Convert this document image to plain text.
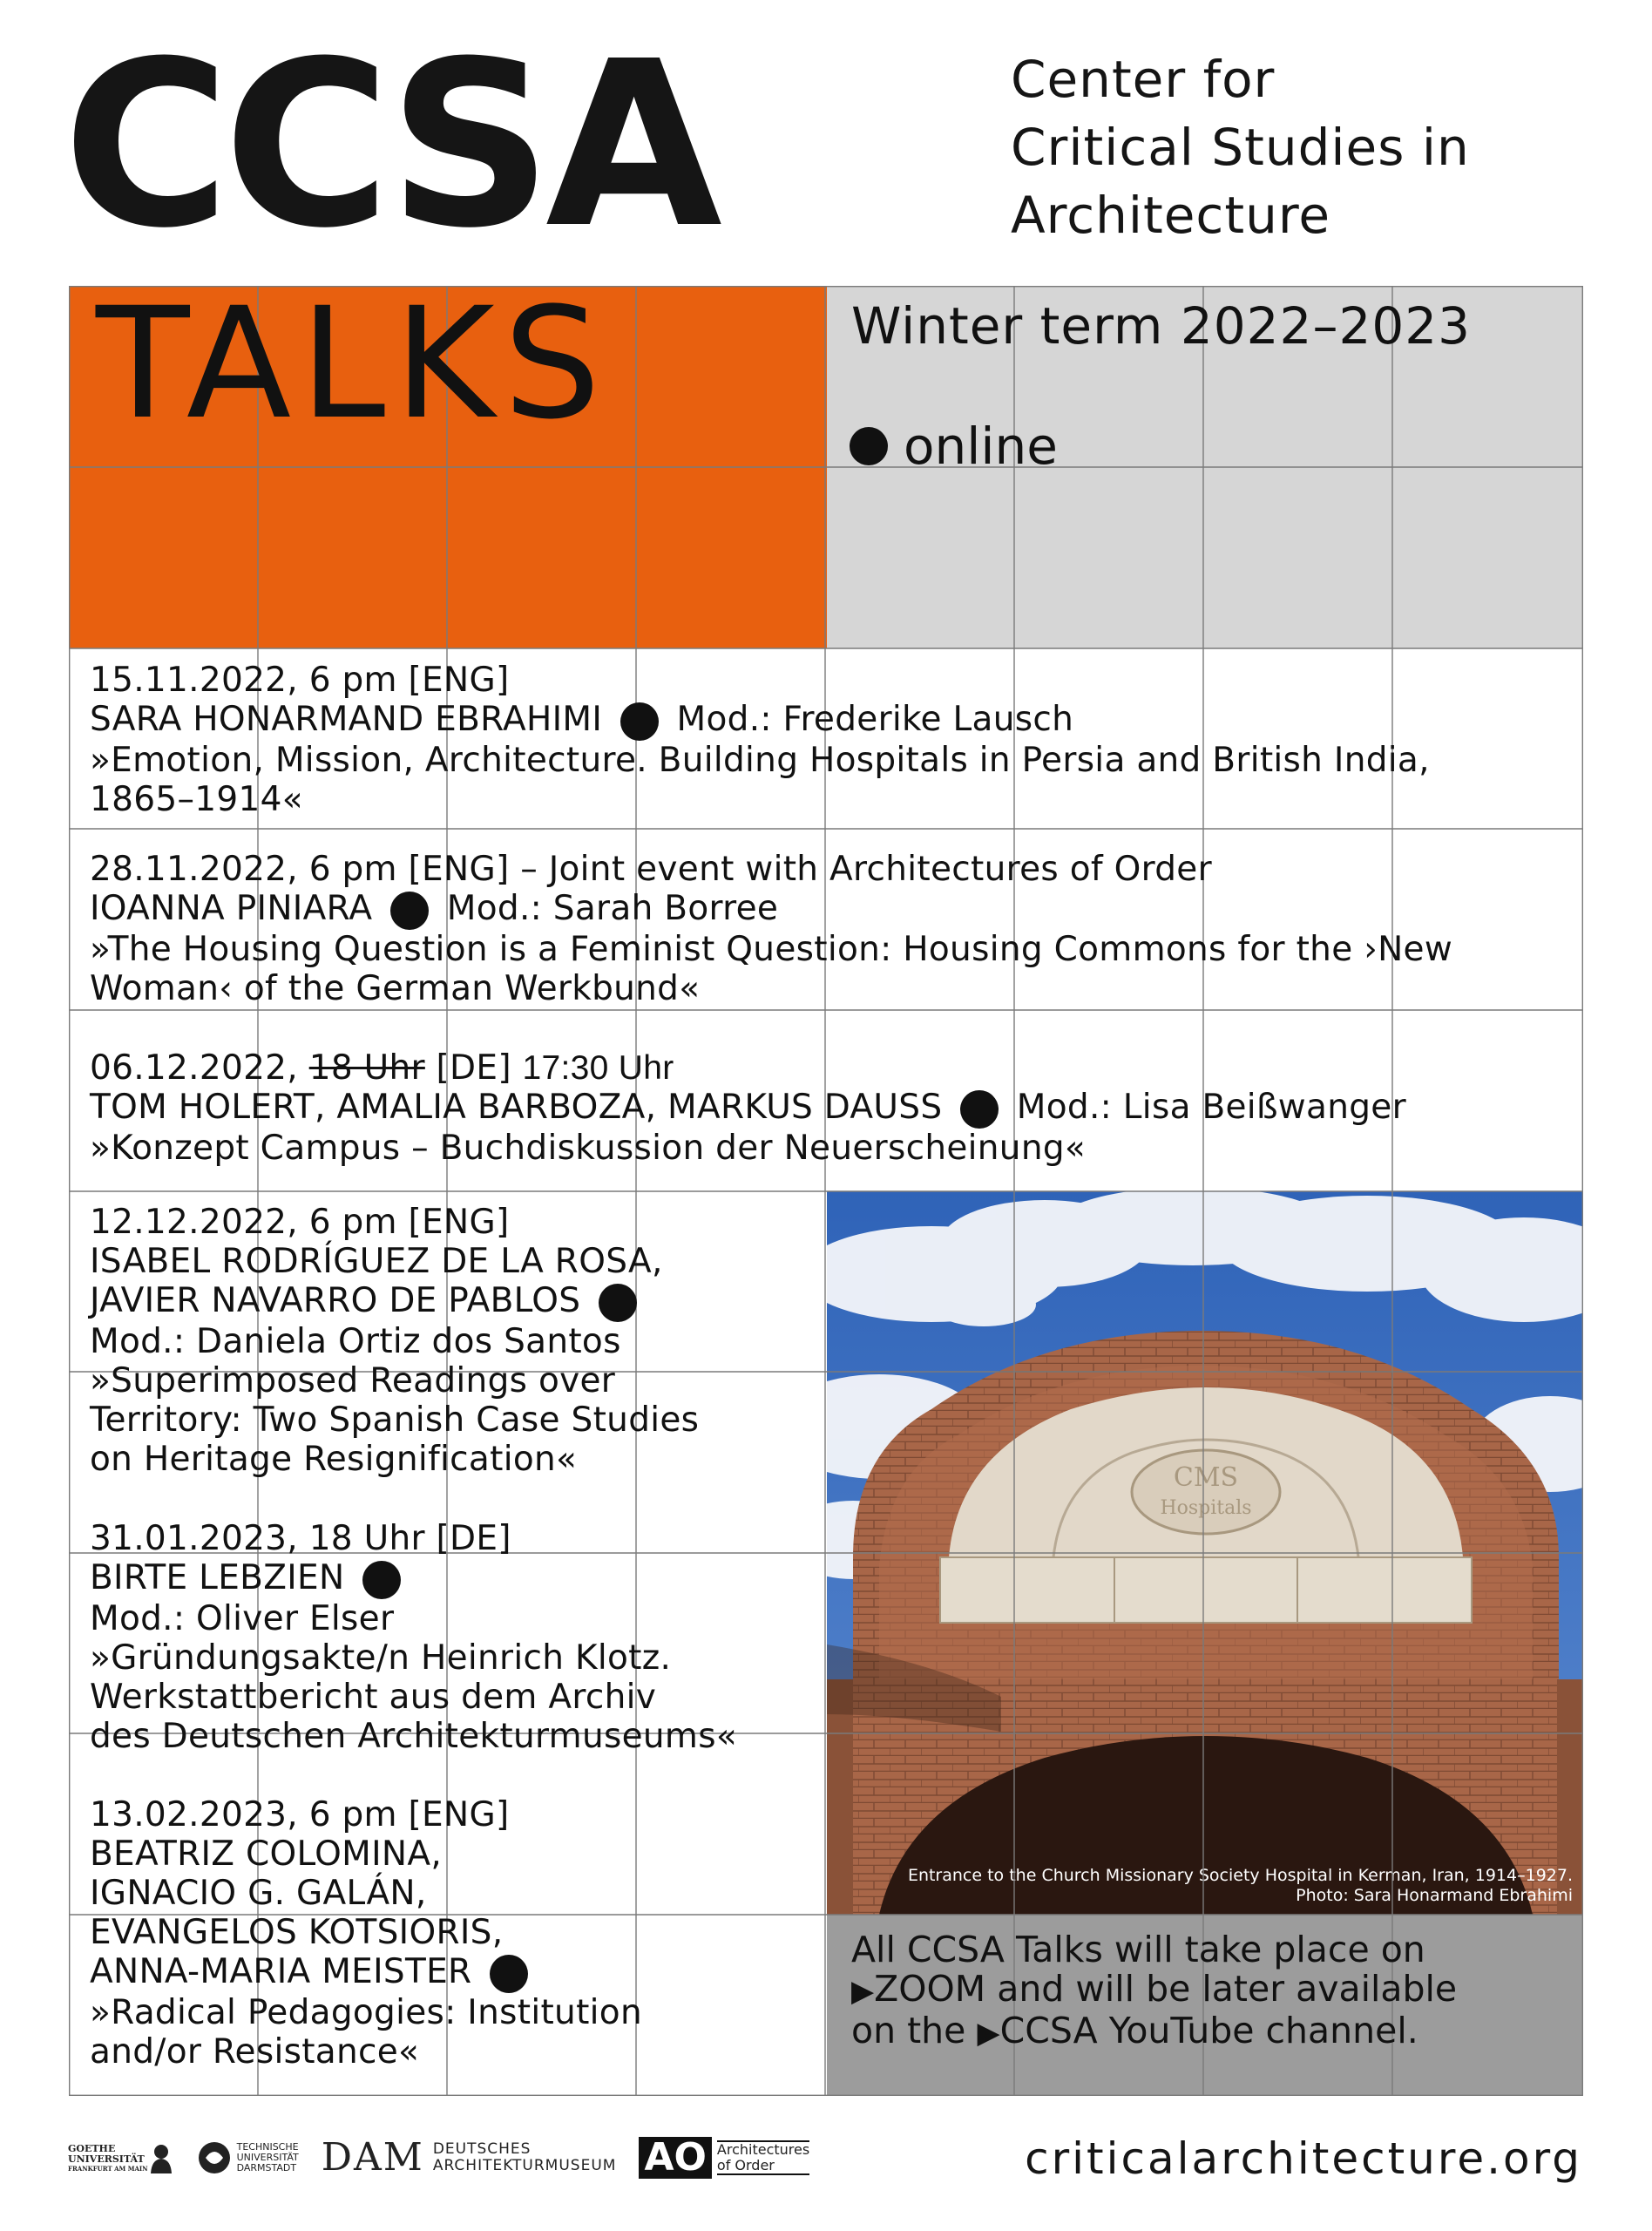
CCSA	Center for
Critical Studies in
Architecture
CMS
Hospitals
Entrance to the Church Missionary Society Hospital in Kerman, Iran, 1914–1927.
Photo: Sara Honarmand Ebrahimi
TALKS	Winter term 2022–2023
online

15.11.2022, 6 pm [ENG]

SARA HONARMAND EBRAHIMI Mod.: Frederike Lausch

»Emotion, Mission, Architecture. Building Hospitals in Persia and British India,

1865–1914«

28.11.2022, 6 pm [ENG] – Joint event with Architectures of Order

IOANNA PINIARA Mod.: Sarah Borree

»The Housing Question is a Feminist Question: Housing Commons for the ›New

Woman‹ of the German Werkbund«

06.12.2022, 18 Uhr [DE] 17:30 Uhr

TOM HOLERT, AMALIA BARBOZA, MARKUS DAUSS Mod.: Lisa Beißwanger

»Konzept Campus – Buchdiskussion der Neuerscheinung«

12.12.2022, 6 pm [ENG]

ISABEL RODRÍGUEZ DE LA ROSA,

JAVIER NAVARRO DE PABLOS

Mod.: Daniela Ortiz dos Santos

»Superimposed Readings over

Territory: Two Spanish Case Studies

on Heritage Resignification«

31.01.2023, 18 Uhr [DE]

BIRTE LEBZIEN

Mod.: Oliver Elser

»Gründungsakte/n Heinrich Klotz.

Werkstattbericht aus dem Archiv

des Deutschen Architekturmuseums«

13.02.2023, 6 pm [ENG]

BEATRIZ COLOMINA,

IGNACIO G. GALÁN,

EVANGELOS KOTSIORIS,

ANNA-MARIA MEISTER

»Radical Pedagogies: Institution

and/or Resistance«

All CCSA Talks will take place on

▶ZOOM and will be later available

on the ▶CCSA YouTube channel.

GOETHE
UNIVERSITÄT
FRANKFURT AM MAIN
TECHNISCHE
UNIVERSITÄT
DARMSTADT DAM DEUTSCHES
ARCHITEKTURMUSEUM AO Architectures
of Order	criticalarchitecture.org
